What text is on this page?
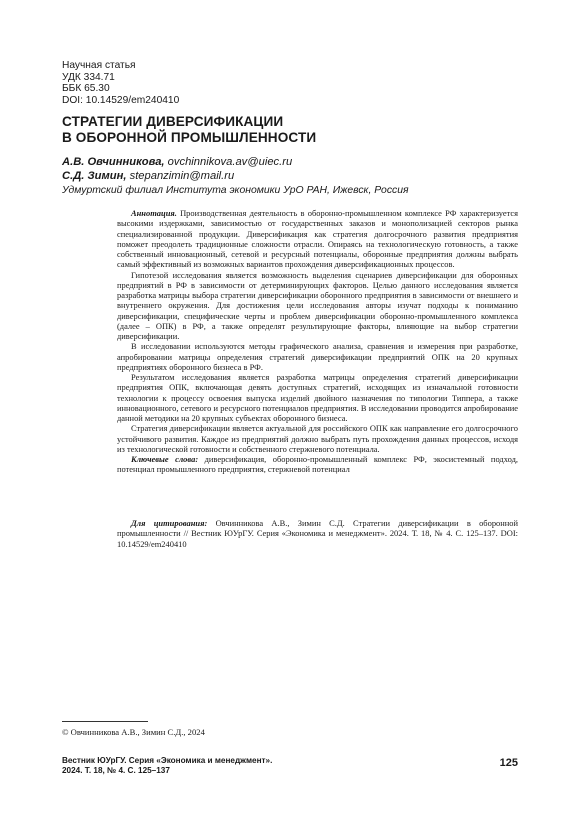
Научная статья
УДК 334.71
ББК 65.30
DOI: 10.14529/em240410
СТРАТЕГИИ ДИВЕРСИФИКАЦИИ
В ОБОРОННОЙ ПРОМЫШЛЕННОСТИ
А.В. Овчинникова, ovchinnikova.av@uiec.ru
С.Д. Зимин, stepanzimin@mail.ru
Удмуртский филиал Института экономики УрО РАН, Ижевск, Россия

Аннотация. Производственная деятельность в оборонно-промышленном комплексе РФ характеризуется высокими издержками, зависимостью от государственных заказов и монополизацией секторов рынка специализированной продукции. Диверсификация как стратегия долгосрочного развития предприятия поможет преодолеть традиционные сложности отрасли. Опираясь на технологическую готовность, а также собственный инновационный, сетевой и ресурсный потенциалы, оборонные предприятия должны выбрать самый эффективный из возможных вариантов прохождения диверсификационных процессов.

Гипотезой исследования является возможность выделения сценариев диверсификации для оборонных предприятий в РФ в зависимости от детерминирующих факторов. Целью данного исследования является разработка матрицы выбора стратегии диверсификации оборонного предприятия в зависимости от внешнего и внутреннего окружения. Для достижения цели исследования авторы изучат подходы к пониманию диверсификации, специфические черты и проблем диверсификации оборонно-промышленного комплекса (далее – ОПК) в РФ, а также определят результирующие факторы, влияющие на выбор стратегии диверсификации.

В исследовании используются методы графического анализа, сравнения и измерения при разработке, апробировании матрицы определения стратегий диверсификации предприятий ОПК на 20 крупных предприятиях оборонного бизнеса в РФ.

Результатом исследования является разработка матрицы определения стратегий диверсификации предприятия ОПК, включающая девять доступных стратегий, исходящих из изначальной готовности технологии к процессу освоения выпуска изделий двойного назначения по типологии Типпера, а также инновационного, сетевого и ресурсного потенциалов предприятия. В исследовании проводится апробирование данной методики на 20 крупных субъектах оборонного бизнеса.

Стратегия диверсификации является актуальной для российского ОПК как направление его долгосрочного устойчивого развития. Каждое из предприятий должно выбрать путь прохождения данных процессов, исходя из технологической готовности и собственного стержневого потенциала.

Ключевые слова: диверсификация, оборонно-промышленный комплекс РФ, экосистемный подход, потенциал промышленного предприятия, стержневой потенциал

Для цитирования: Овчинникова А.В., Зимин С.Д. Стратегии диверсификации в оборонной промышленности // Вестник ЮУрГУ. Серия «Экономика и менеджмент». 2024. Т. 18, № 4. С. 125–137. DOI: 10.14529/em240410

© Овчинникова А.В., Зимин С.Д., 2024
Вестник ЮУрГУ. Серия «Экономика и менеджмент».
2024. Т. 18, № 4. С. 125–137
125
